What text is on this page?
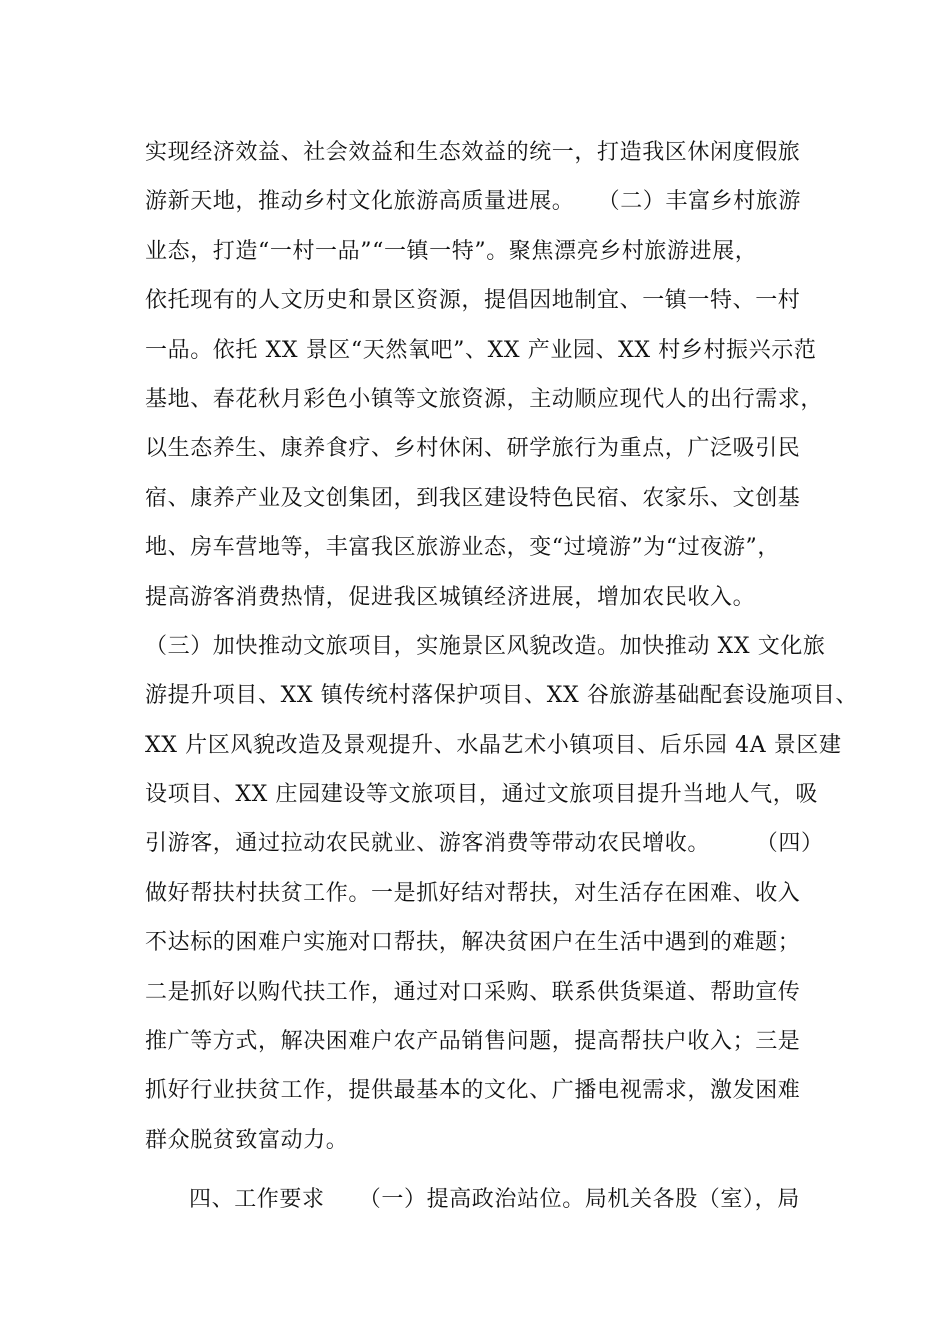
实现经济效益、社会效益和生态效益的统一，打造我区休闲度假旅
游新天地，推动乡村文化旅游高质量进展。　　（二）丰富乡村旅游
业态，打造“一村一品”“一镇一特”。聚焦漂亮乡村旅游进展，
依托现有的人文历史和景区资源，提倡因地制宜、一镇一特、一村
一品。依托 XX 景区“天然氧吧”、XX 产业园、XX 村乡村振兴示范
基地、春花秋月彩色小镇等文旅资源，主动顺应现代人的出行需求，
以生态养生、康养食疗、乡村休闲、研学旅行为重点，广泛吸引民
宿、康养产业及文创集团，到我区建设特色民宿、农家乐、文创基
地、房车营地等，丰富我区旅游业态，变“过境游”为“过夜游”，
提高游客消费热情，促进我区城镇经济进展，增加农民收入。
（三）加快推动文旅项目，实施景区风貌改造。加快推动 XX 文化旅
游提升项目、XX 镇传统村落保护项目、XX 谷旅游基础配套设施项目、
XX 片区风貌改造及景观提升、水晶艺术小镇项目、后乐园 4A 景区建
设项目、XX 庄园建设等文旅项目，通过文旅项目提升当地人气，吸
引游客，通过拉动农民就业、游客消费等带动农民增收。　　　（四）
做好帮扶村扶贫工作。一是抓好结对帮扶，对生活存在困难、收入
不达标的困难户实施对口帮扶，解决贫困户在生活中遇到的难题；
二是抓好以购代扶工作，通过对口采购、联系供货渠道、帮助宣传
推广等方式，解决困难户农产品销售问题，提高帮扶户收入；三是
抓好行业扶贫工作，提供最基本的文化、广播电视需求，激发困难
群众脱贫致富动力。
四、工作要求　　（一）提高政治站位。局机关各股（室），局
